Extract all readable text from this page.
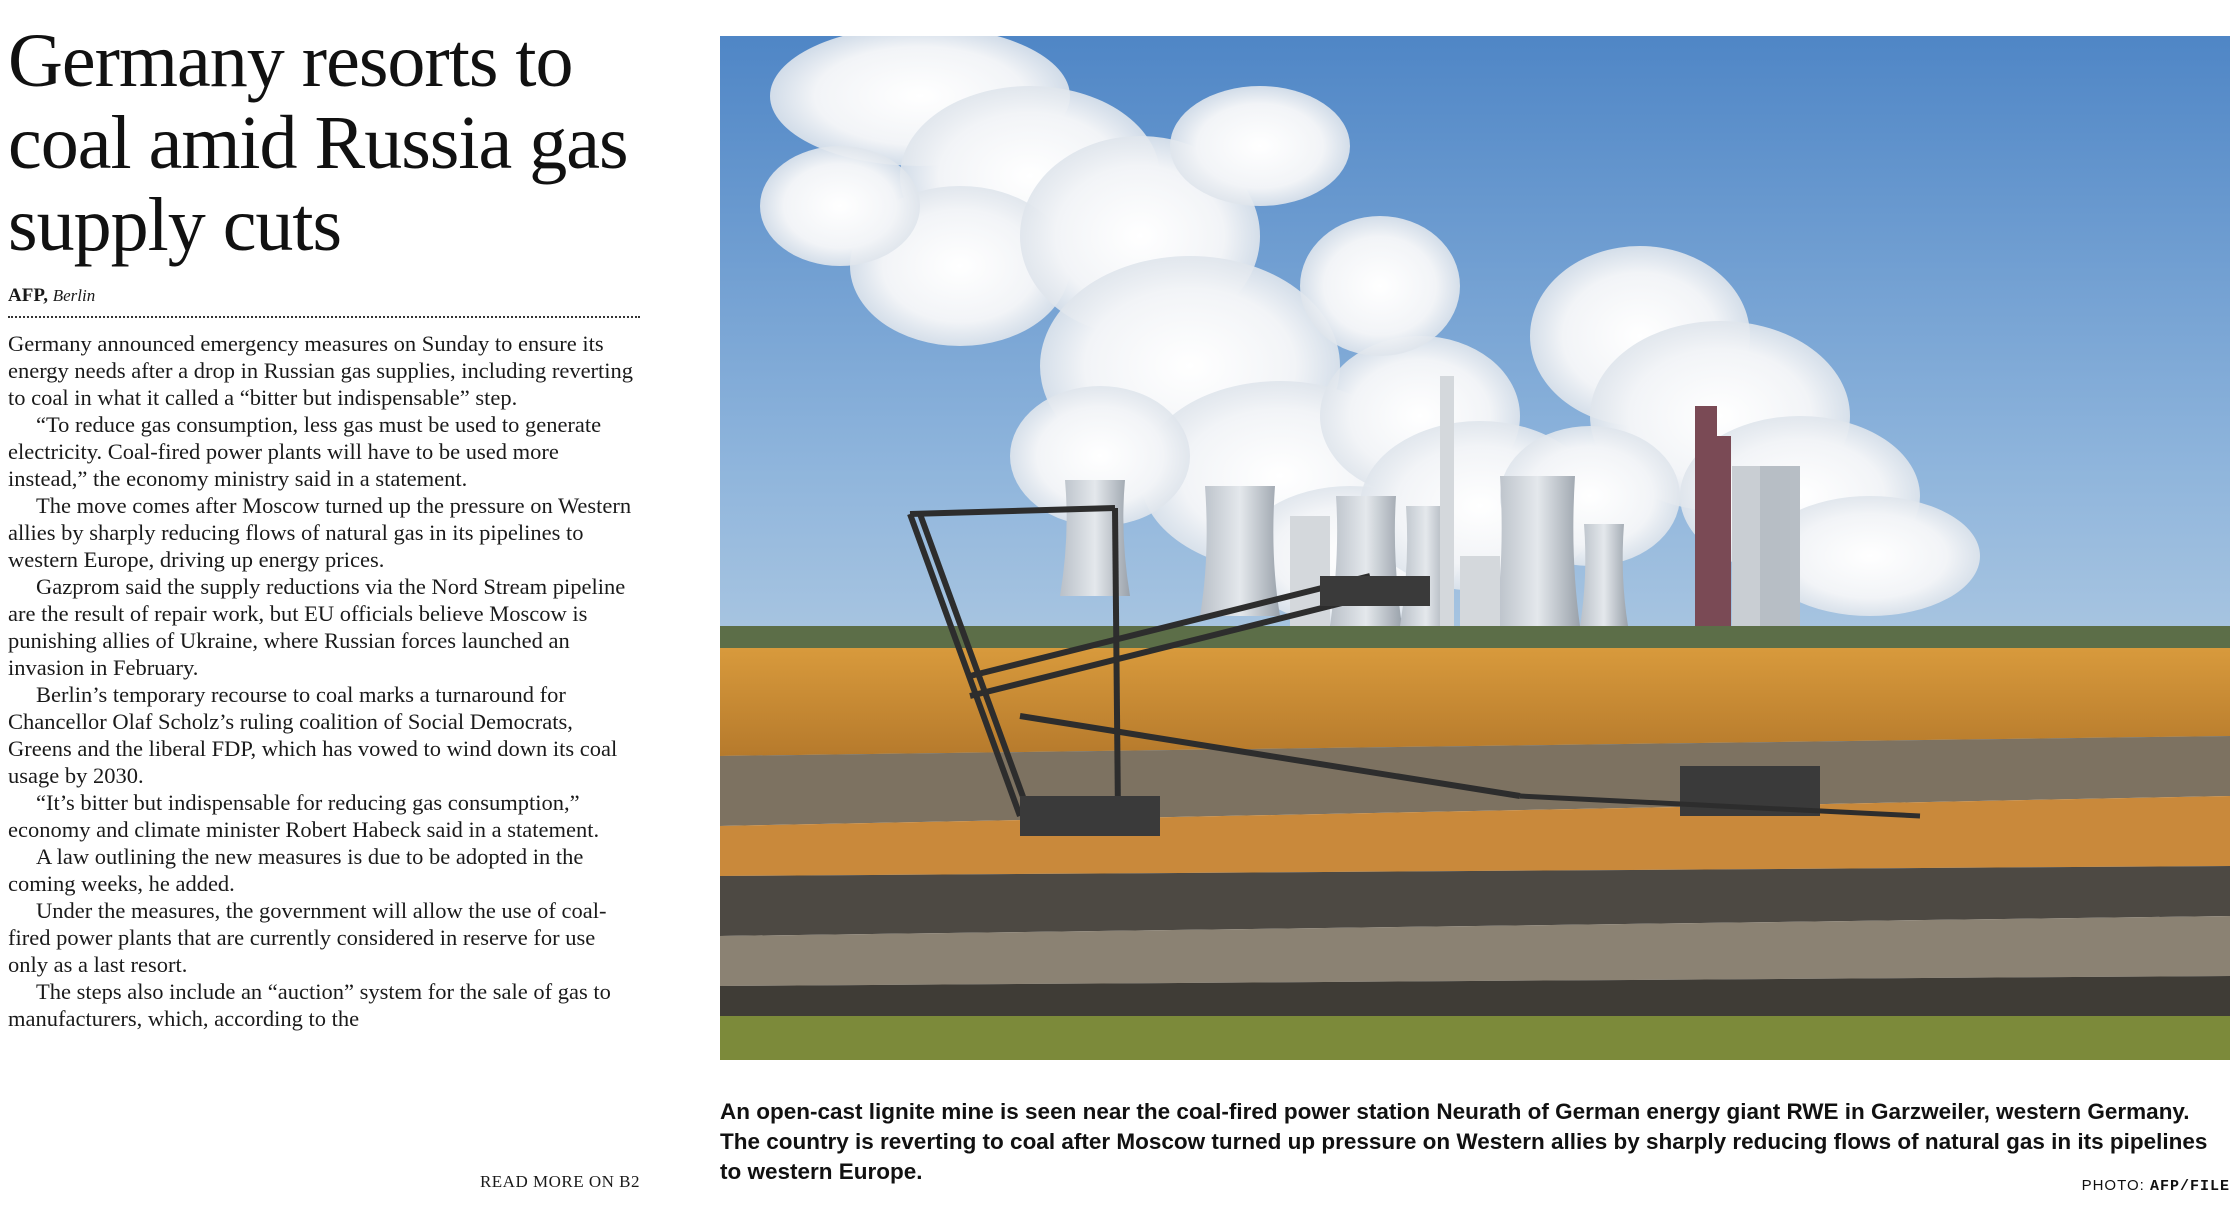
Germany resorts to coal amid Russia gas supply cuts
AFP, Berlin

Germany announced emergency measures on Sunday to ensure its energy needs after a drop in Russian gas supplies, including reverting to coal in what it called a “bitter but indispensable” step.

“To reduce gas consumption, less gas must be used to generate electricity. Coal-fired power plants will have to be used more instead,” the economy ministry said in a statement.

The move comes after Moscow turned up the pressure on Western allies by sharply reducing flows of natural gas in its pipelines to western Europe, driving up energy prices.

Gazprom said the supply reductions via the Nord Stream pipeline are the result of repair work, but EU officials believe Moscow is punishing allies of Ukraine, where Russian forces launched an invasion in February.

Berlin’s temporary recourse to coal marks a turnaround for Chancellor Olaf Scholz’s ruling coalition of Social Democrats, Greens and the liberal FDP, which has vowed to wind down its coal usage by 2030.

“It’s bitter but indispensable for reducing gas consumption,” economy and climate minister Robert Habeck said in a statement.

A law outlining the new measures is due to be adopted in the coming weeks, he added.

Under the measures, the government will allow the use of coal-fired power plants that are currently considered in reserve for use only as a last resort.

The steps also include an “auction” system for the sale of gas to manufacturers, which, according to the

READ MORE ON B2
An open-cast lignite mine is seen near the coal-fired power station Neurath of German energy giant RWE in Garzweiler, western Germany. The country is reverting to coal after Moscow turned up pressure on Western allies by sharply reducing flows of natural gas in its pipelines to western Europe.
PHOTO: AFP/FILE
